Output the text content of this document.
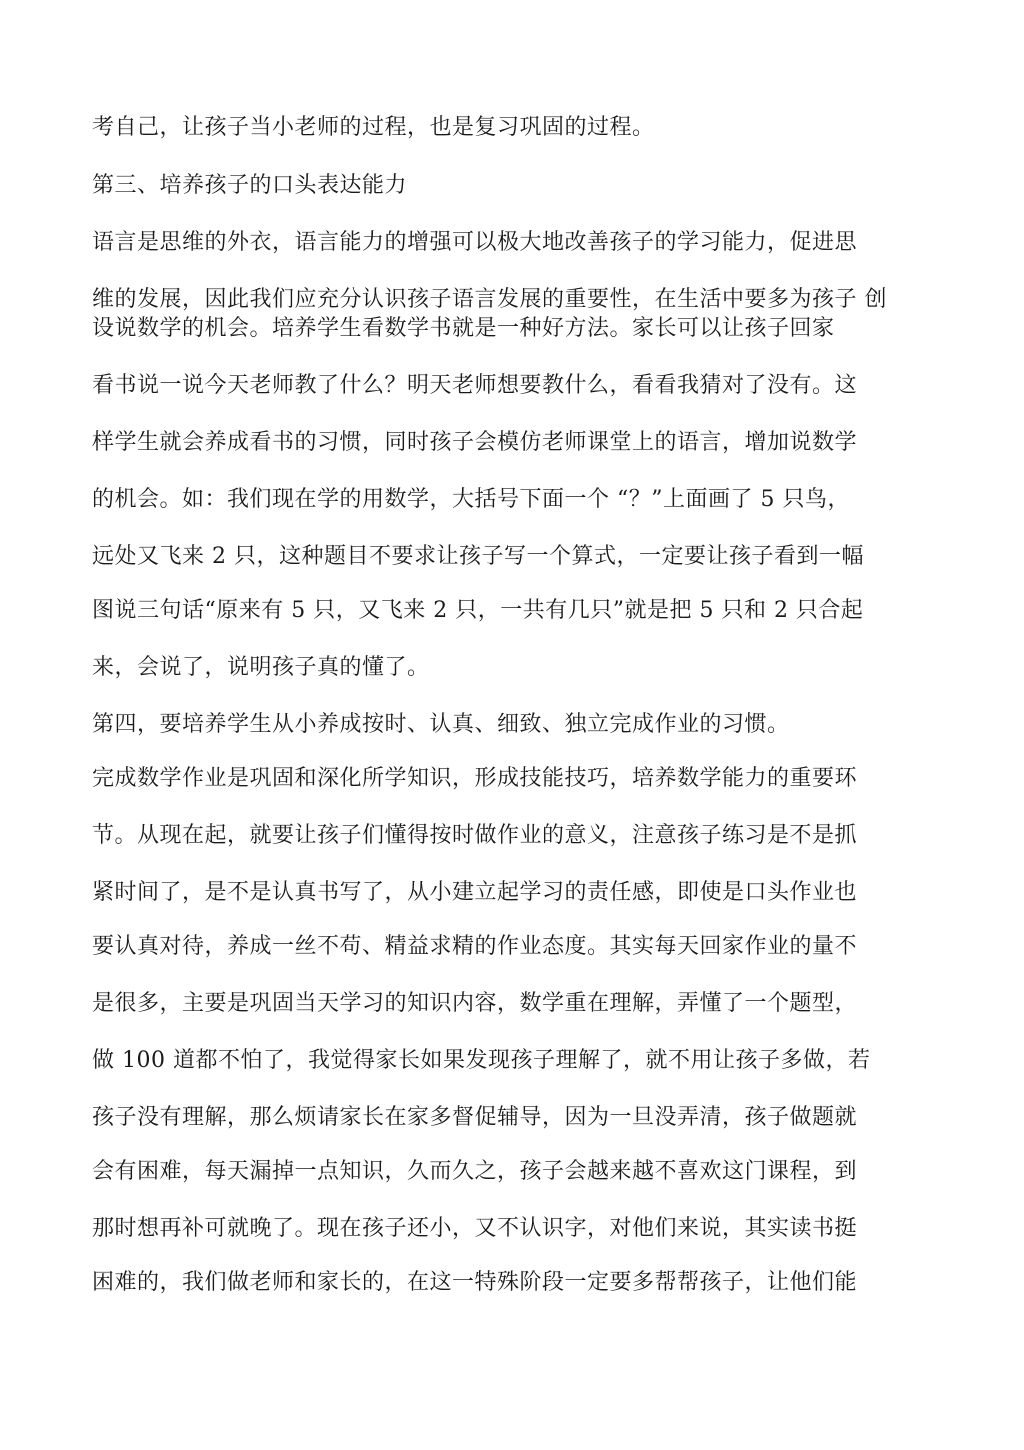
考自己，让孩子当小老师的过程，也是复习巩固的过程。
第三、培养孩子的口头表达能力
语言是思维的外衣，语言能力的增强可以极大地改善孩子的学习能力，促进思
维的发展，因此我们应充分认识孩子语言发展的重要性，在生活中要多为孩子 创
设说数学的机会。培养学生看数学书就是一种好方法。家长可以让孩子回家
看书说一说今天老师教了什么？明天老师想要教什么，看看我猜对了没有。这
样学生就会养成看书的习惯，同时孩子会模仿老师课堂上的语言，增加说数学
的机会。如：我们现在学的用数学，大括号下面一个 “？”上面画了 5 只鸟，
远处又飞来 2 只，这种题目不要求让孩子写一个算式，一定要让孩子看到一幅
图说三句话“原来有 5 只，又飞来 2 只，一共有几只”就是把 5 只和 2 只合起
来，会说了，说明孩子真的懂了。
第四，要培养学生从小养成按时、认真、细致、独立完成作业的习惯。
完成数学作业是巩固和深化所学知识，形成技能技巧，培养数学能力的重要环
节。从现在起，就要让孩子们懂得按时做作业的意义，注意孩子练习是不是抓
紧时间了，是不是认真书写了，从小建立起学习的责任感，即使是口头作业也
要认真对待，养成一丝不苟、精益求精的作业态度。其实每天回家作业的量不
是很多，主要是巩固当天学习的知识内容，数学重在理解，弄懂了一个题型，
做 100 道都不怕了，我觉得家长如果发现孩子理解了，就不用让孩子多做，若
孩子没有理解，那么烦请家长在家多督促辅导，因为一旦没弄清，孩子做题就
会有困难，每天漏掉一点知识，久而久之，孩子会越来越不喜欢这门课程，到
那时想再补可就晚了。现在孩子还小，又不认识字，对他们来说，其实读书挺
困难的，我们做老师和家长的，在这一特殊阶段一定要多帮帮孩子，让他们能
